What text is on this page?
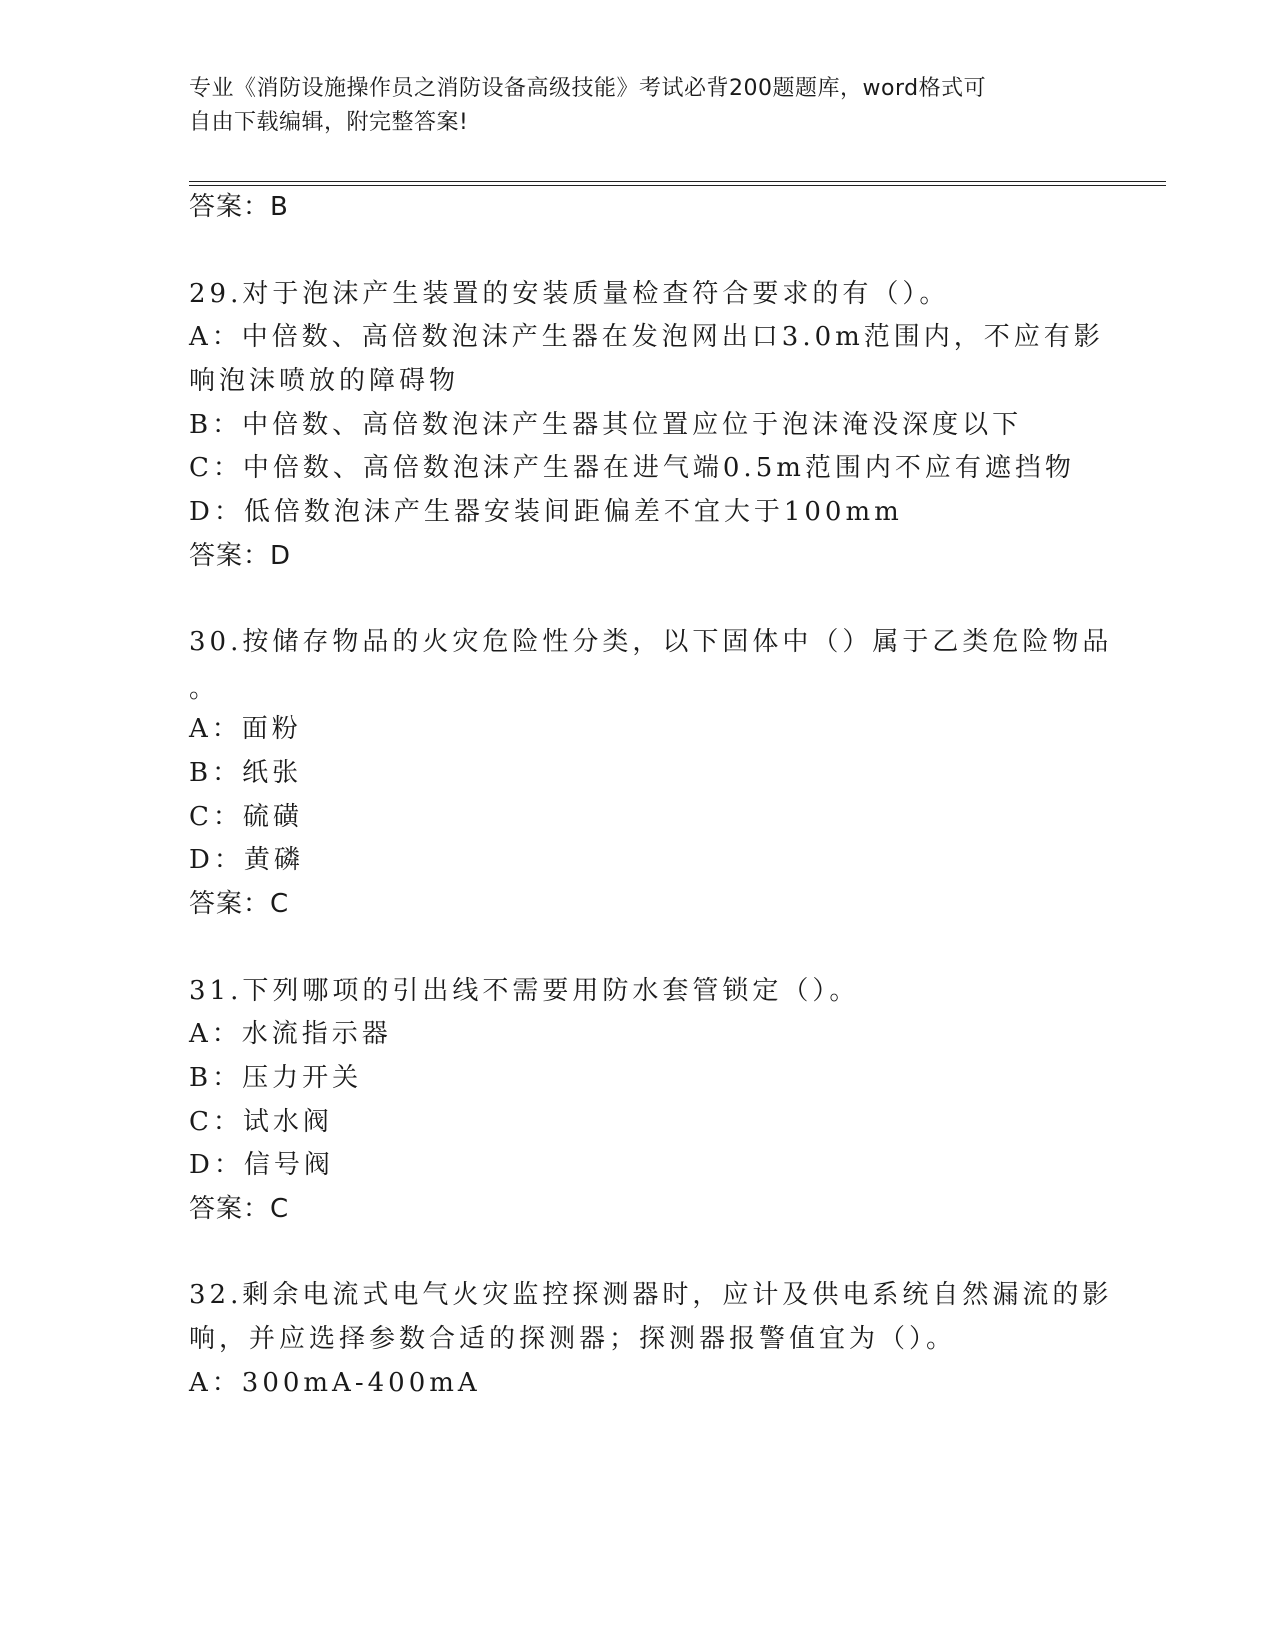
专业《消防设施操作员之消防设备高级技能》考试必背200题题库，word格式可
自由下载编辑，附完整答案!
答案：B
29.对于泡沫产生装置的安装质量检查符合要求的有（）。
A：中倍数、高倍数泡沫产生器在发泡网出口3.0m范围内，不应有影
响泡沫喷放的障碍物
B：中倍数、高倍数泡沫产生器其位置应位于泡沫淹没深度以下
C：中倍数、高倍数泡沫产生器在进气端0.5m范围内不应有遮挡物
D：低倍数泡沫产生器安装间距偏差不宜大于100mm
答案：D
30.按储存物品的火灾危险性分类，以下固体中（）属于乙类危险物品
。
A：面粉
B：纸张
C：硫磺
D：黄磷
答案：C
31.下列哪项的引出线不需要用防水套管锁定（）。
A：水流指示器
B：压力开关
C：试水阀
D：信号阀
答案：C
32.剩余电流式电气火灾监控探测器时，应计及供电系统自然漏流的影
响，并应选择参数合适的探测器；探测器报警值宜为（）。
A：300mA-400mA
